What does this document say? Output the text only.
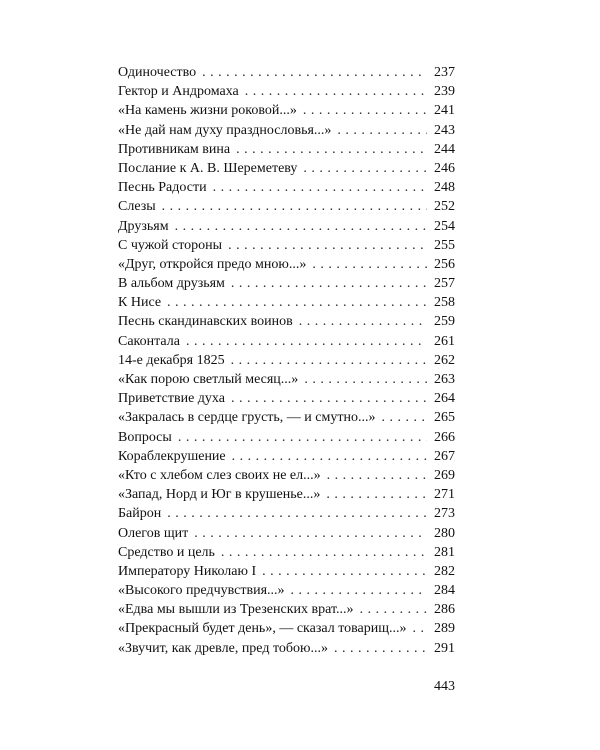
Одиночество . . .	237
Гектор и Андромаха . . .	239
«На камень жизни роковой...» . . .	241
«Не дай нам духу празднословья...» . . .	243
Противникам вина . . .	244
Послание к А. В. Шереметеву . . .	246
Песнь Радости . . .	248
Слезы . . .	252
Друзьям . . .	254
С чужой стороны . . .	255
«Друг, откройся предо мною...» . . .	256
В альбом друзьям . . .	257
К Нисе . . .	258
Песнь скандинавских воинов . . .	259
Саконтала . . .	261
14-е декабря 1825 . . .	262
«Как порою светлый месяц...» . . .	263
Приветствие духа . . .	264
«Закралась в сердце грусть, — и смутно...» . . .	265
Вопросы . . .	266
Кораблекрушение . . .	267
«Кто с хлебом слез своих не ел...» . . .	269
«Запад, Норд и Юг в крушенье...» . . .	271
Байрон . . .	273
Олегов щит . . .	280
Средство и цель . . .	281
Императору Николаю I . . .	282
«Высокого предчувствия...» . . .	284
«Едва мы вышли из Трезенских врат...» . . .	286
«Прекрасный будет день», — сказал товарищ...» . . . 289
«Звучит, как древле, пред тобою...» . . .	291
443
